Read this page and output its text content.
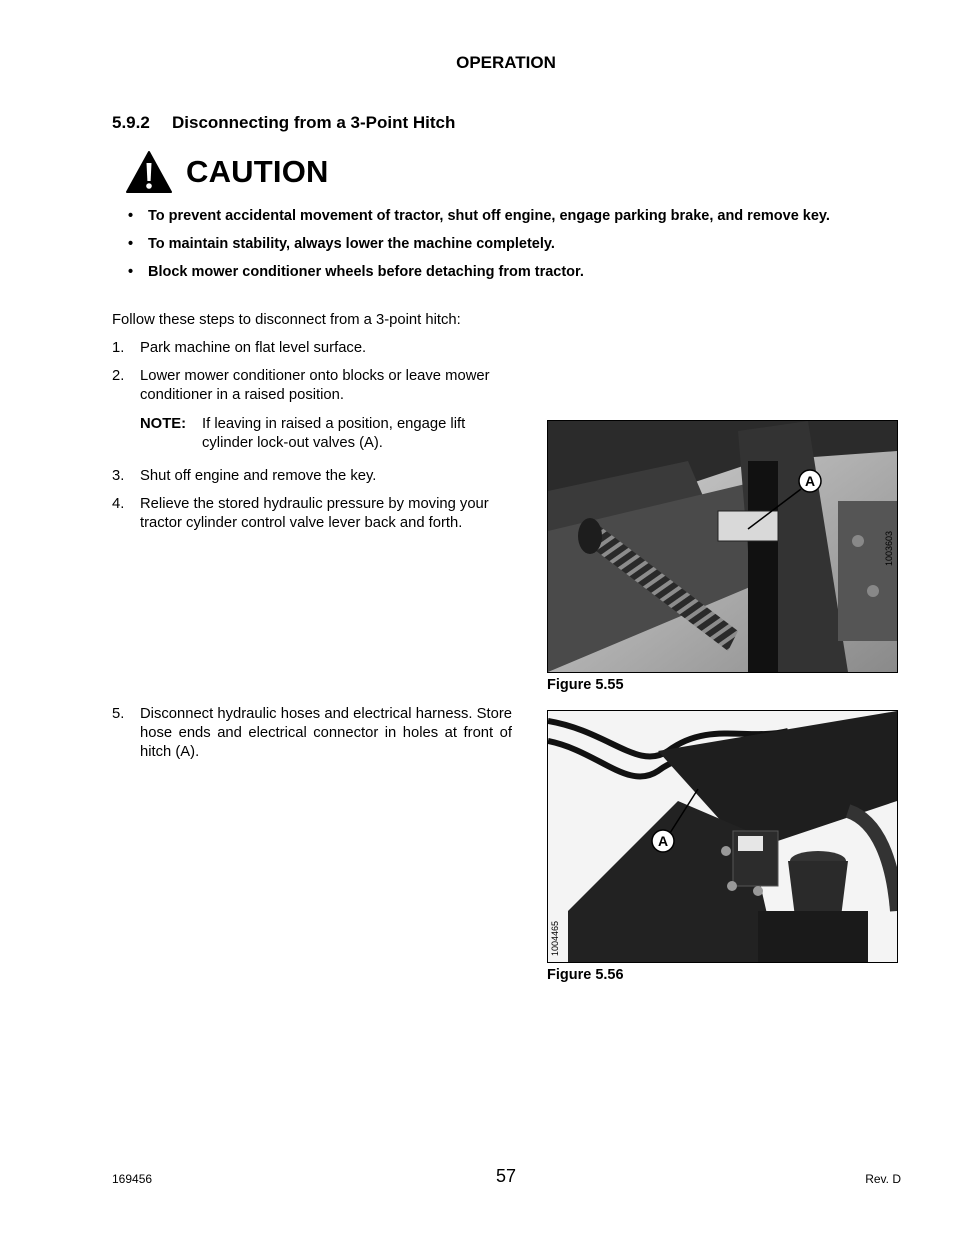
OPERATION
5.9.2 Disconnecting from a 3-Point Hitch
CAUTION
• To prevent accidental movement of tractor, shut off engine, engage parking brake, and remove key.
• To maintain stability, always lower the machine completely.
• Block mower conditioner wheels before detaching from tractor.
Follow these steps to disconnect from a 3-point hitch:
1. Park machine on flat level surface.
2. Lower mower conditioner onto blocks or leave mower conditioner in a raised position.
NOTE: If leaving in raised a position, engage lift cylinder lock-out valves (A).
3. Shut off engine and remove the key.
4. Relieve the stored hydraulic pressure by moving your tractor cylinder control valve lever back and forth.
5. Disconnect hydraulic hoses and electrical harness. Store hose ends and electrical connector in holes at front of hitch (A).
A
1003603
Figure 5.55
A
1004465
Figure 5.56
169456	57	Rev. D
